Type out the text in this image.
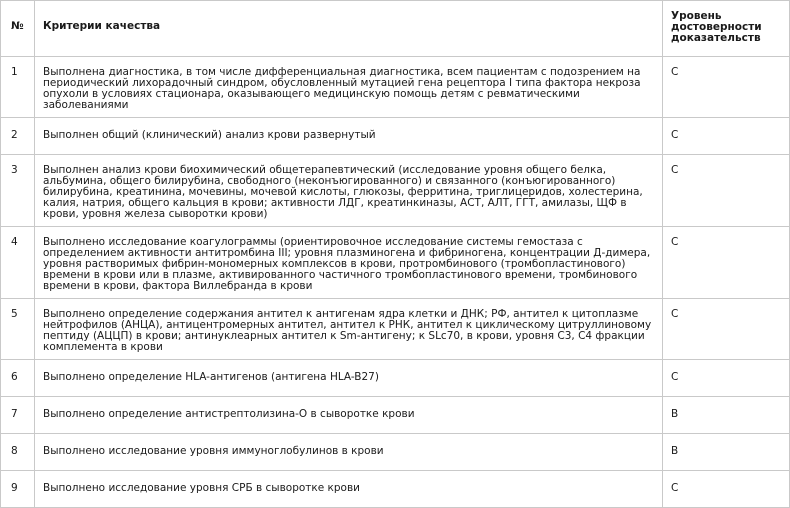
№	Критерии качества	Уровень достоверности доказательств
1	Выполнена диагностика, в том числе дифференциальная диагностика, всем пациентам с подозрением на периодический лихорадочный синдром, обусловленный мутацией гена рецептора I типа фактора некроза опухоли в условиях стационара, оказывающего медицинскую помощь детям с ревматическими заболеваниями	C
2	Выполнен общий (клинический) анализ крови развернутый	C
3	Выполнен анализ крови биохимический общетерапевтический (исследование уровня общего белка, альбумина, общего билирубина, свободного (неконъюгированного) и связанного (конъюгированного) билирубина, креатинина, мочевины, мочевой кислоты, глюкозы, ферритина, триглицеридов, холестерина, калия, натрия, общего кальция в крови; активности ЛДГ, креатинкиназы, АСТ, АЛТ, ГГТ, амилазы, ЩФ в крови, уровня железа сыворотки крови)	C
4	Выполнено исследование коагулограммы (ориентировочное исследование системы гемостаза с определением активности антитромбина III; уровня плазминогена и фибриногена, концентрации Д-димера, уровня растворимых фибрин-мономерных комплексов в крови, протромбинового (тромбопластинового) времени в крови или в плазме, активированного частичного тромбопластинового времени, тромбинового времени в крови, фактора Виллебранда в крови	C
5	Выполнено определение содержания антител к антигенам ядра клетки и ДНК; РФ, антител к цитоплазме нейтрофилов (АНЦА), антицентромерных антител, антител к РНК, антител к циклическому цитруллиновому пептиду (АЦЦП) в крови; антинуклеарных антител к Sm-антигену; к SLc70, в крови, уровня С3, С4 фракции комплемента в крови	C
6	Выполнено определение HLA-антигенов (антигена HLA-B27)	C
7	Выполнено определение антистрептолизина-О в сыворотке крови	B
8	Выполнено исследование уровня иммуноглобулинов в крови	B
9	Выполнено исследование уровня СРБ в сыворотке крови	C
